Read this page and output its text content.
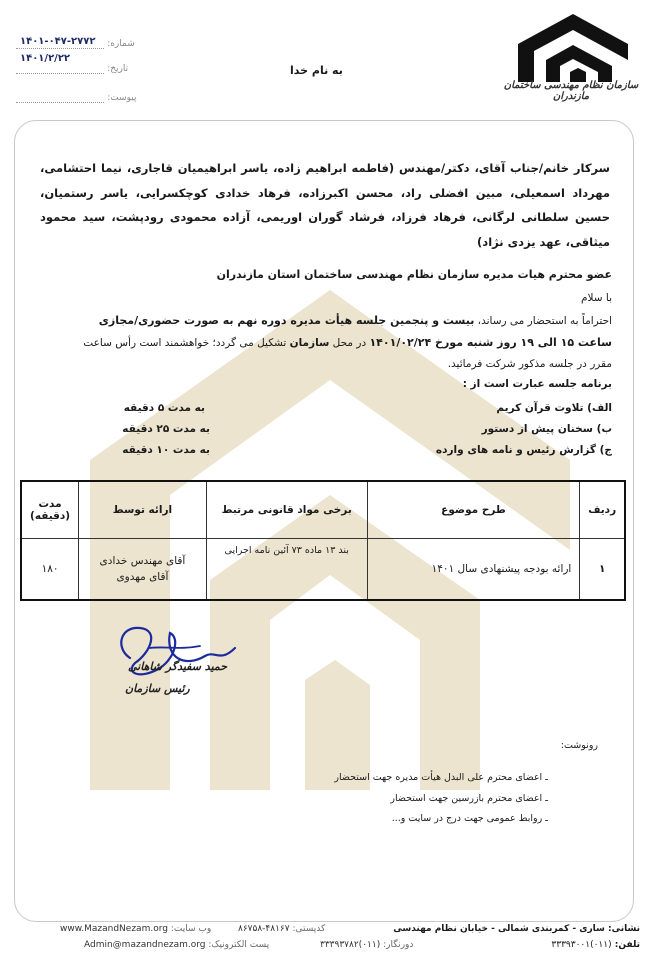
شماره:
۱۴۰۱-۰۴۷-۲۷۷۲
تاریخ:
۱۴۰۱/۲/۲۲
پیوست:
به نام خدا
سازمان نظام مهندسی ساختمان مازندران
سرکار خانم/جناب آقای، دکتر/مهندس (فاطمه ابراهیم زاده، یاسر ابراهیمیان قاجاری، نیما احتشامی، مهرداد اسمعیلی، مبین افضلی راد، محسن اکبرزاده، فرهاد خدادی کوچکسرایی، یاسر رستمیان، حسین سلطانی لرگانی، فرهاد فرزاد، فرشاد گوران اوریمی، آزاده محمودی رودپشت، سید محمود میثاقی، عهد یزدی نژاد)
عضو محترم هیات مدیره سازمان نظام مهندسی ساختمان استان مازندران
با سلام
احتراماً به استحضار می رساند، بیست و پنجمین جلسه هیأت مدیره دوره نهم به صورت حضوری/مجازی
ساعت ۱۵ الی ۱۹ روز شنبه مورخ ۱۴۰۱/۰۲/۲۴ در محل سازمان تشکیل می گردد؛ خواهشمند است رأس ساعت
مقرر در جلسه مذکور شرکت فرمائید.
برنامه جلسه عبارت است از :
الف) تلاوت قرآن کریم
به مدت ۵ دقیقه
ب) سخنان پیش از دستور
به مدت ۲۵ دقیقه
ج) گزارش رئیس و نامه های وارده
به مدت ۱۰ دقیقه
ردیف	طرح موضوع	برخی مواد قانونی مرتبط	ارائه توسط	مدت (دقیقه)
۱	ارائه بودجه پیشنهادی سال ۱۴۰۱	بند ۱۳ ماده ۷۳ آئین نامه اجرایی	آقای مهندس خدادی
آقای مهدوی	۱۸۰
حمید سفیدگر شاهانی
رئیس سازمان
رونوشت:
ـ اعضای محترم علی البدل هیأت مدیره جهت استحضار
ـ اعضای محترم بازرسین جهت استحضار
ـ روابط عمومی جهت درج در سایت و...
نشانی: ساری - کمربندی شمالی - خیابان نظام مهندسی
کدپستی: ۴۸۱۶۷-۸۶۷۵۸
وب سایت: www.MazandNezam.org
تلفن: (۰۱۱)۳۳۳۹۳۰۰۱
دورنگار: (۰۱۱)۳۳۳۹۳۷۸۲
پست الکترونیک: Admin@mazandnezam.org
